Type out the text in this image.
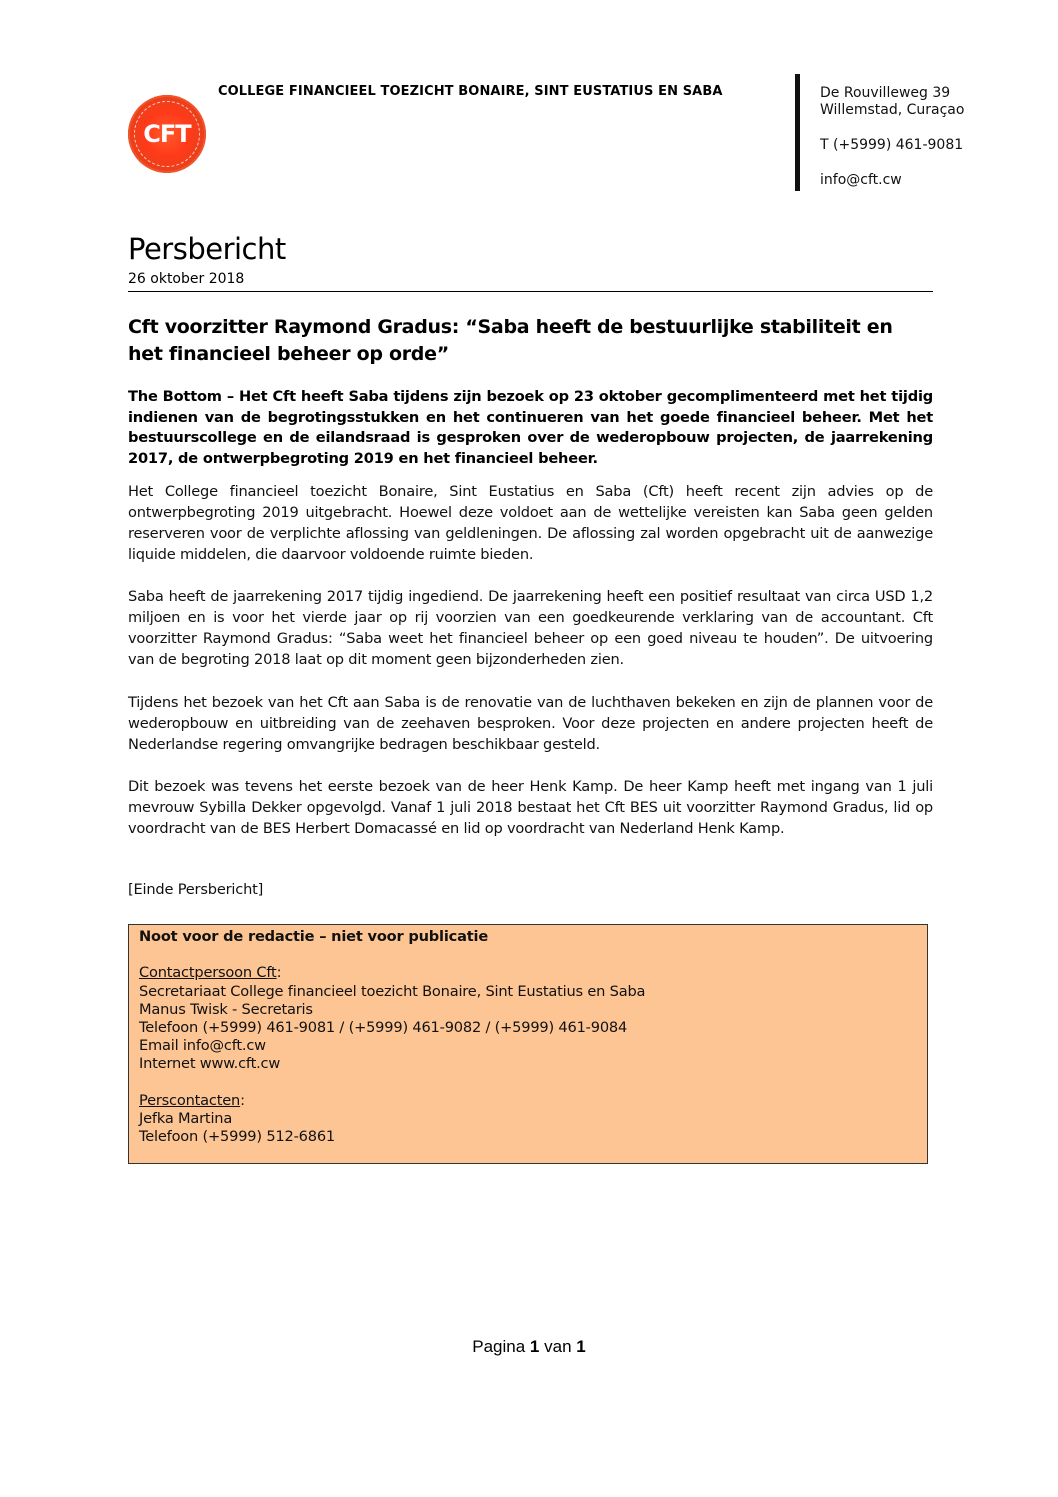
CFT
COLLEGE FINANCIEEL TOEZICHT BONAIRE, SINT EUSTATIUS EN SABA	De Rouvilleweg 39
Willemstad, Curaçao
T (+5999) 461-9081
info@cft.cw
Persbericht
26 oktober 2018
Cft voorzitter Raymond Gradus: “Saba heeft de bestuurlijke stabiliteit en het financieel beheer op orde”
The Bottom – Het Cft heeft Saba tijdens zijn bezoek op 23 oktober gecomplimenteerd met het tijdig indienen van de begrotingsstukken en het continueren van het goede financieel beheer. Met het bestuurscollege en de eilandsraad is gesproken over de wederopbouw projecten, de jaarrekening 2017, de ontwerpbegroting 2019 en het financieel beheer.
Het College financieel toezicht Bonaire, Sint Eustatius en Saba (Cft) heeft recent zijn advies op de ontwerpbegroting 2019 uitgebracht. Hoewel deze voldoet aan de wettelijke vereisten kan Saba geen gelden reserveren voor de verplichte aflossing van geldleningen. De aflossing zal worden opgebracht uit de aanwezige liquide middelen, die daarvoor voldoende ruimte bieden.
Saba heeft de jaarrekening 2017 tijdig ingediend. De jaarrekening heeft een positief resultaat van circa USD 1,2 miljoen en is voor het vierde jaar op rij voorzien van een goedkeurende verklaring van de accountant. Cft voorzitter Raymond Gradus: “Saba weet het financieel beheer op een goed niveau te houden”. De uitvoering van de begroting 2018 laat op dit moment geen bijzonderheden zien.
Tijdens het bezoek van het Cft aan Saba is de renovatie van de luchthaven bekeken en zijn de plannen voor de wederopbouw en uitbreiding van de zeehaven besproken. Voor deze projecten en andere projecten heeft de Nederlandse regering omvangrijke bedragen beschikbaar gesteld.
Dit bezoek was tevens het eerste bezoek van de heer Henk Kamp. De heer Kamp heeft met ingang van 1 juli mevrouw Sybilla Dekker opgevolgd. Vanaf 1 juli 2018 bestaat het Cft BES uit voorzitter Raymond Gradus, lid op voordracht van de BES Herbert Domacassé en lid op voordracht van Nederland Henk Kamp.
[Einde Persbericht]
Noot voor de redactie – niet voor publicatie
Contactpersoon Cft:
Secretariaat College financieel toezicht Bonaire, Sint Eustatius en Saba
Manus Twisk - Secretaris
Telefoon (+5999) 461-9081 / (+5999) 461-9082 / (+5999) 461-9084
Email info@cft.cw
Internet www.cft.cw
Perscontacten:
Jefka Martina
Telefoon (+5999) 512-6861
Pagina 1 van 1
